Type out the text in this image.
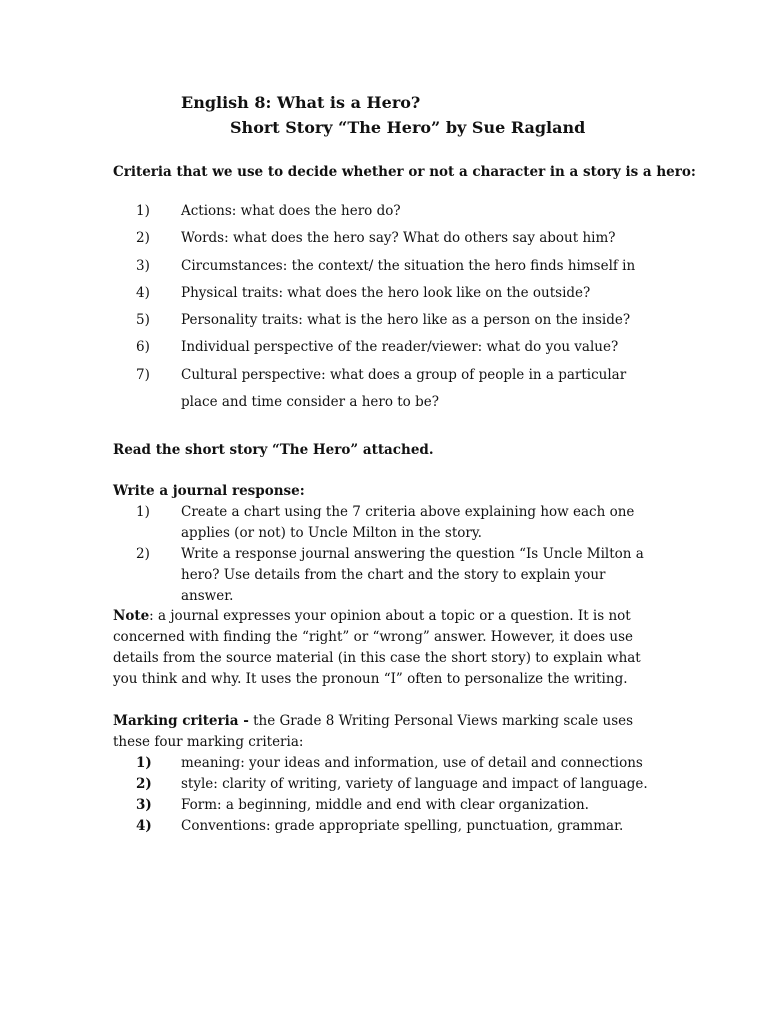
English 8: What is a Hero?
Short Story “The Hero” by Sue Ragland
Criteria that we use to decide whether or not a character in a story is a hero:
1)	Actions: what does the hero do?
2)	Words: what does the hero say? What do others say about him?
3)	Circumstances: the context/ the situation the hero finds himself in
4)	Physical traits: what does the hero look like on the outside?
5)	Personality traits: what is the hero like as a person on the inside?
6)	Individual perspective of the reader/viewer: what do you value?
7)	Cultural perspective: what does a group of people in a particular place and time consider a hero to be?
Read the short story “The Hero” attached.
Write a journal response:
1)	Create a chart using the 7 criteria above explaining how each one applies (or not) to Uncle Milton in the story.
2)	Write a response journal answering the question “Is Uncle Milton a hero? Use details from the chart and the story to explain your answer.
Note: a journal expresses your opinion about a topic or a question. It is not concerned with finding the “right” or “wrong” answer. However, it does use details from the source material (in this case the short story) to explain what you think and why. It uses the pronoun “I” often to personalize the writing.
Marking criteria - the Grade 8 Writing Personal Views marking scale uses these four marking criteria:
1)	meaning: your ideas and information, use of detail and connections
2)	style: clarity of writing, variety of language and impact of language.
3)	Form: a beginning, middle and end with clear organization.
4)	Conventions: grade appropriate spelling, punctuation, grammar.
